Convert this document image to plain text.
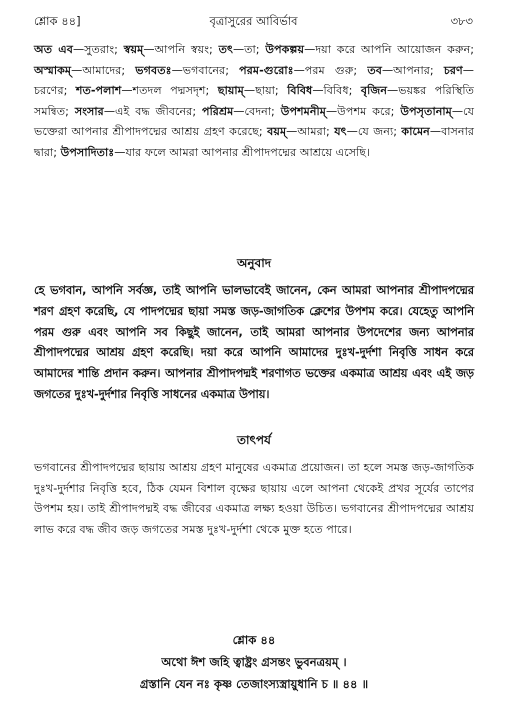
শ্লোক ৪৪]	বৃত্রাসুরের আবির্ভাব	৩৮৩

অত এব—সুতরাং; স্বয়ম্—আপনি স্বয়ং; তৎ—তা; উপকল্পয়—দয়া করে আপনি আয়োজন করুন; অস্মাকম্—আমাদের; ভগবতঃ—ভগবানের; পরম-গুরোঃ—পরম গুরু; তব—আপনার; চরণ—চরণের; শত-পলাশ—শতদল পদ্মসদৃশ; ছায়াম্—ছায়া; বিবিধ—বিবিধ; বৃজিন—ভয়ঙ্কর পরিস্থিতি সমন্বিত; সংসার—এই বদ্ধ জীবনের; পরিশ্রম—বেদনা; উপশমনীম্—উপশম করে; উপসৃতানাম্—যে ভক্তেরা আপনার শ্রীপাদপদ্মের আশ্রয় গ্রহণ করেছে; বয়ম্—আমরা; যৎ—যে জন্য; কামেন—বাসনার দ্বারা; উপসাদিতাঃ—যার ফলে আমরা আপনার শ্রীপাদপদ্মের আশ্রয়ে এসেছি।

অনুবাদ

হে ভগবান, আপনি সর্বজ্ঞ, তাই আপনি ভালভাবেই জানেন, কেন আমরা আপনার শ্রীপাদপদ্মের শরণ গ্রহণ করেছি, যে পাদপদ্মের ছায়া সমস্ত জড়-জাগতিক ক্লেশের উপশম করে। যেহেতু আপনি পরম গুরু এবং আপনি সব কিছুই জানেন, তাই আমরা আপনার উপদেশের জন্য আপনার শ্রীপাদপদ্মের আশ্রয় গ্রহণ করেছি। দয়া করে আপনি আমাদের দুঃখ-দুর্দশা নিবৃত্তি সাধন করে আমাদের শান্তি প্রদান করুন। আপনার শ্রীপাদপদ্মই শরণাগত ভক্তের একমাত্র আশ্রয় এবং এই জড় জগতের দুঃখ-দুর্দশার নিবৃত্তি সাধনের একমাত্র উপায়।

তাৎপর্য

ভগবানের শ্রীপাদপদ্মের ছায়ায় আশ্রয় গ্রহণ মানুষের একমাত্র প্রয়োজন। তা হলে সমস্ত জড়-জাগতিক দুঃখ-দুর্দশার নিবৃত্তি হবে, ঠিক যেমন বিশাল বৃক্ষের ছায়ায় এলে আপনা থেকেই প্রখর সূর্যের তাপের উপশম হয়। তাই শ্রীপাদপদ্মই বদ্ধ জীবের একমাত্র লক্ষ্য হওয়া উচিত। ভগবানের শ্রীপাদপদ্মের আশ্রয় লাভ করে বদ্ধ জীব জড় জগতের সমস্ত দুঃখ-দুর্দশা থেকে মুক্ত হতে পারে।

শ্লোক ৪৪
অথো ঈশ জহি ত্বাষ্ট্রং গ্রসন্তং ভুবনত্রয়ম্ ।
গ্রস্তানি যেন নঃ কৃষ্ণ তেজাংস্যস্ত্রায়ুধানি চ ॥ ৪৪ ॥
